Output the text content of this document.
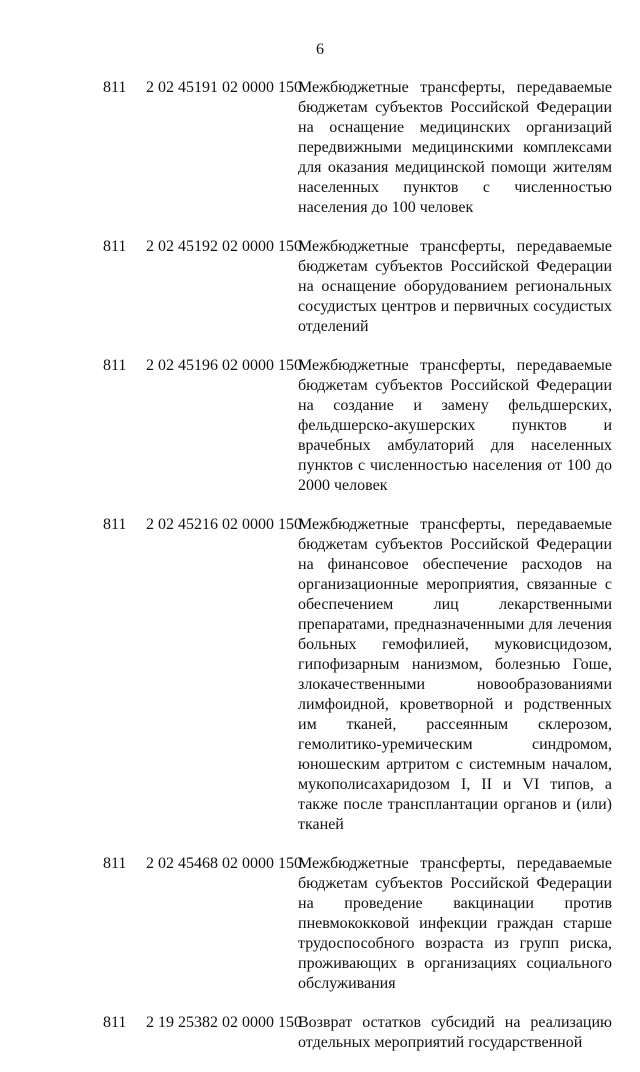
6
811 2 02 45191 02 0000 150
Межбюджетные трансферты, передаваемые бюджетам субъектов Российской Федерации на оснащение медицинских организаций передвижными медицинскими комплексами для оказания медицинской помощи жителям населенных пунктов с численностью населения до 100 человек
811 2 02 45192 02 0000 150
Межбюджетные трансферты, передаваемые бюджетам субъектов Российской Федерации на оснащение оборудованием региональных сосудистых центров и первичных сосудистых отделений
811 2 02 45196 02 0000 150
Межбюджетные трансферты, передаваемые бюджетам субъектов Российской Федерации на создание и замену фельдшерских, фельдшерско-акушерских пунктов и врачебных амбулаторий для населенных пунктов с численностью населения от 100 до 2000 человек
811 2 02 45216 02 0000 150
Межбюджетные трансферты, передаваемые бюджетам субъектов Российской Федерации на финансовое обеспечение расходов на организационные мероприятия, связанные с обеспечением лиц лекарственными препаратами, предназначенными для лечения больных гемофилией, муковисцидозом, гипофизарным нанизмом, болезнью Гоше, злокачественными новообразованиями лимфоидной, кроветворной и родственных им тканей, рассеянным склерозом, гемолитико-уремическим синдромом, юношеским артритом с системным началом, мукополисахаридозом I, II и VI типов, а также после трансплантации органов и (или) тканей
811 2 02 45468 02 0000 150
Межбюджетные трансферты, передаваемые бюджетам субъектов Российской Федерации на проведение вакцинации против пневмококковой инфекции граждан старше трудоспособного возраста из групп риска, проживающих в организациях социального обслуживания
811 2 19 25382 02 0000 150
Возврат остатков субсидий на реализацию отдельных мероприятий государственной
